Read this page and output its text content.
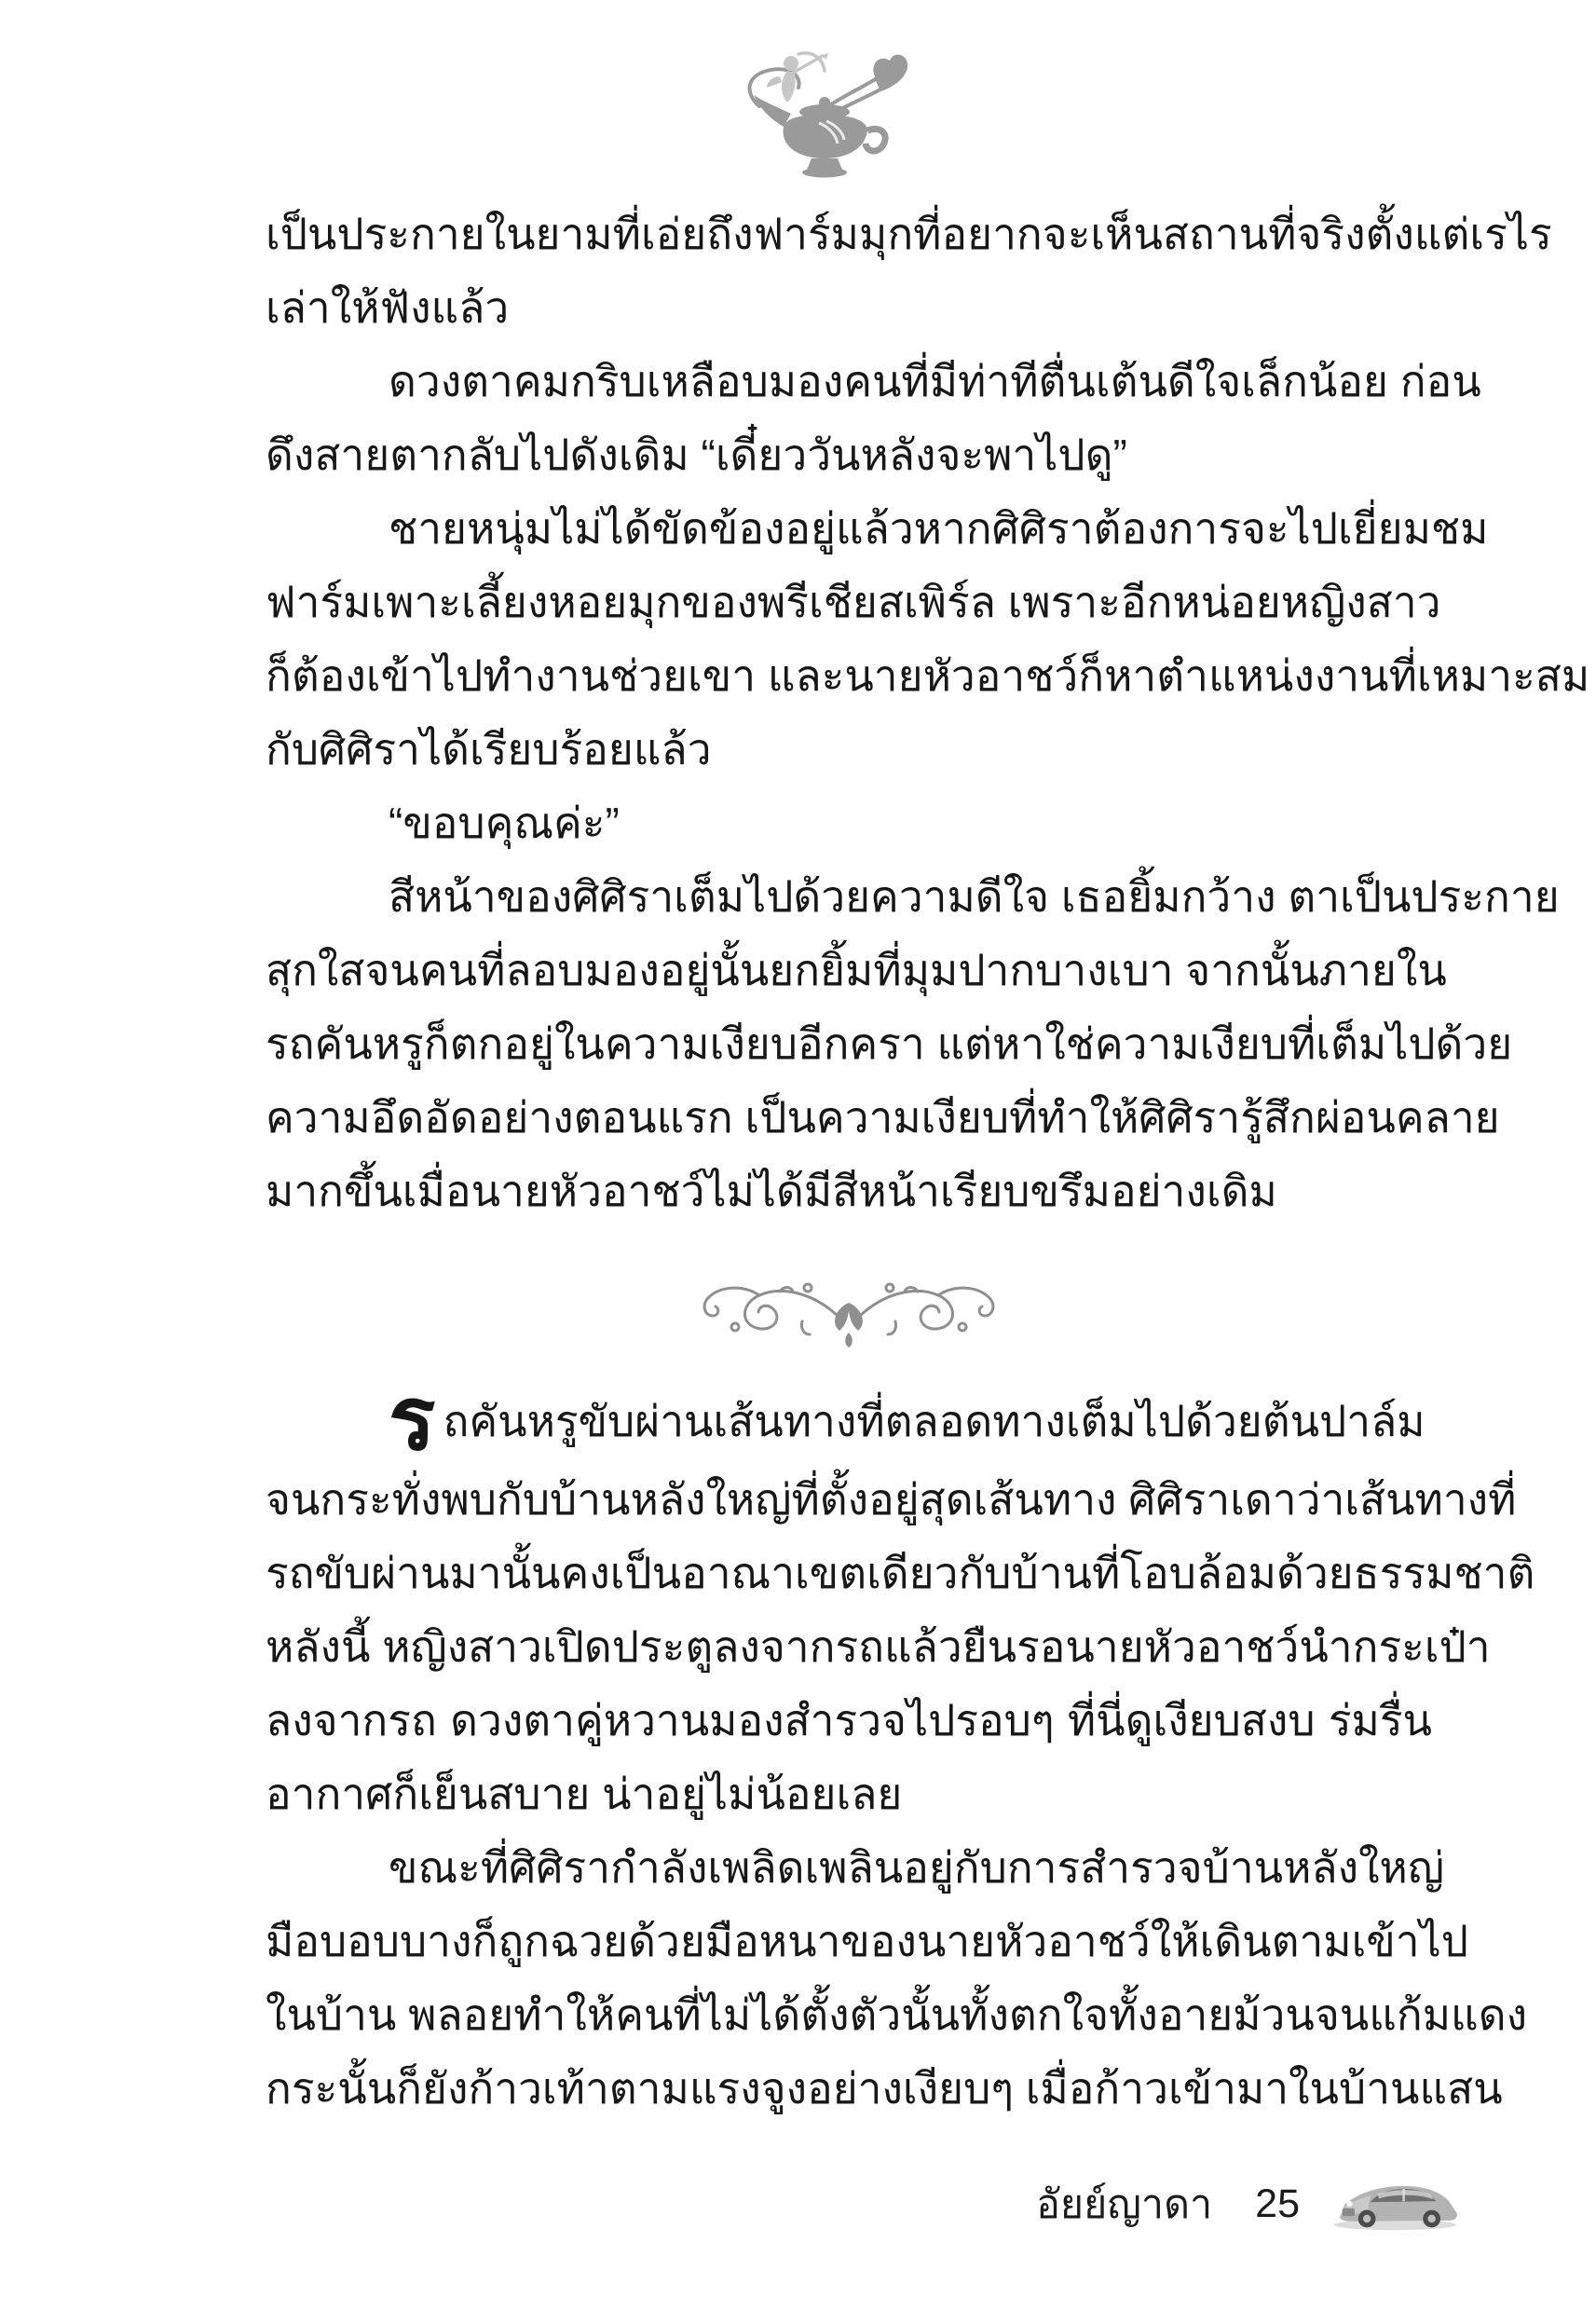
เป็นประกายในยามที่เอ่ยถึงฟาร์มมุกที่อยากจะเห็นสถานที่จริงตั้งแต่เรไร
เล่าให้ฟังแล้ว
ดวงตาคมกริบเหลือบมองคนที่มีท่าทีตื่นเต้นดีใจเล็กน้อย ก่อน
ดึงสายตากลับไปดังเดิม “เดี๋ยววันหลังจะพาไปดู”
ชายหนุ่มไม่ได้ขัดข้องอยู่แล้วหากศิศิราต้องการจะไปเยี่ยมชม
ฟาร์มเพาะเลี้ยงหอยมุกของพรีเชียสเพิร์ล เพราะอีกหน่อยหญิงสาว
ก็ต้องเข้าไปทำงานช่วยเขา และนายหัวอาชว์ก็หาตำแหน่งงานที่เหมาะสม
กับศิศิราได้เรียบร้อยแล้ว
“ขอบคุณค่ะ”
สีหน้าของศิศิราเต็มไปด้วยความดีใจ เธอยิ้มกว้าง ตาเป็นประกาย
สุกใสจนคนที่ลอบมองอยู่นั้นยกยิ้มที่มุมปากบางเบา จากนั้นภายใน
รถคันหรูก็ตกอยู่ในความเงียบอีกครา แต่หาใช่ความเงียบที่เต็มไปด้วย
ความอึดอัดอย่างตอนแรก เป็นความเงียบที่ทำให้ศิศิรารู้สึกผ่อนคลาย
มากขึ้นเมื่อนายหัวอาชว์ไม่ได้มีสีหน้าเรียบขรึมอย่างเดิม
รถคันหรูขับผ่านเส้นทางที่ตลอดทางเต็มไปด้วยต้นปาล์ม
จนกระทั่งพบกับบ้านหลังใหญ่ที่ตั้งอยู่สุดเส้นทาง ศิศิราเดาว่าเส้นทางที่
รถขับผ่านมานั้นคงเป็นอาณาเขตเดียวกับบ้านที่โอบล้อมด้วยธรรมชาติ
หลังนี้ หญิงสาวเปิดประตูลงจากรถแล้วยืนรอนายหัวอาชว์นำกระเป๋า
ลงจากรถ ดวงตาคู่หวานมองสำรวจไปรอบๆ ที่นี่ดูเงียบสงบ ร่มรื่น
อากาศก็เย็นสบาย น่าอยู่ไม่น้อยเลย
ขณะที่ศิศิรากำลังเพลิดเพลินอยู่กับการสำรวจบ้านหลังใหญ่
มือบอบบางก็ถูกฉวยด้วยมือหนาของนายหัวอาชว์ให้เดินตามเข้าไป
ในบ้าน พลอยทำให้คนที่ไม่ได้ตั้งตัวนั้นทั้งตกใจทั้งอายม้วนจนแก้มแดง
กระนั้นก็ยังก้าวเท้าตามแรงจูงอย่างเงียบๆ เมื่อก้าวเข้ามาในบ้านแสน
อัยย์ญาดา 25
